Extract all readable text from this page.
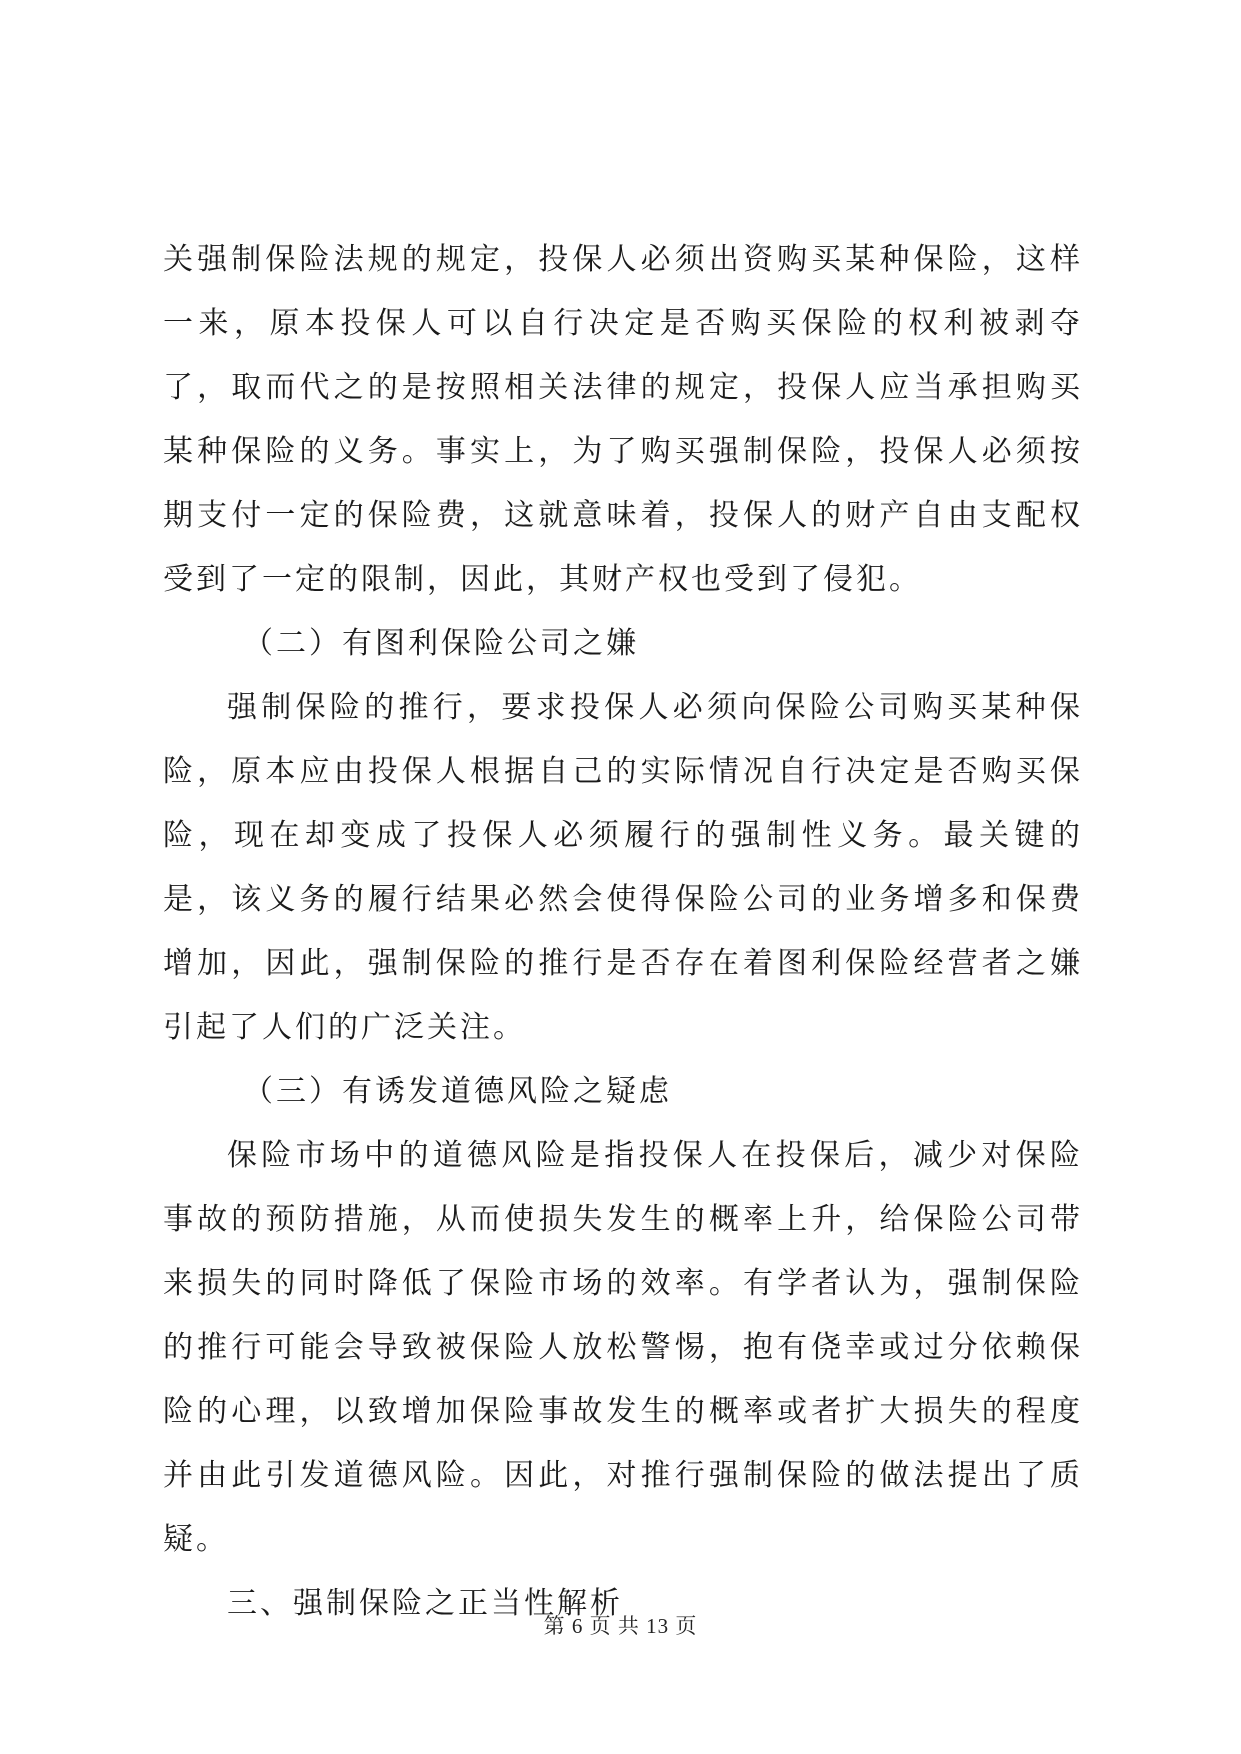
关强制保险法规的规定，投保人必须出资购买某种保险，这样一来，原本投保人可以自行决定是否购买保险的权利被剥夺了，取而代之的是按照相关法律的规定，投保人应当承担购买某种保险的义务。事实上，为了购买强制保险，投保人必须按期支付一定的保险费，这就意味着，投保人的财产自由支配权受到了一定的限制，因此，其财产权也受到了侵犯。

（二）有图利保险公司之嫌

强制保险的推行，要求投保人必须向保险公司购买某种保险，原本应由投保人根据自己的实际情况自行决定是否购买保险，现在却变成了投保人必须履行的强制性义务。最关键的是，该义务的履行结果必然会使得保险公司的业务增多和保费增加，因此，强制保险的推行是否存在着图利保险经营者之嫌引起了人们的广泛关注。

（三）有诱发道德风险之疑虑

保险市场中的道德风险是指投保人在投保后，减少对保险事故的预防措施，从而使损失发生的概率上升，给保险公司带来损失的同时降低了保险市场的效率。有学者认为，强制保险的推行可能会导致被保险人放松警惕，抱有侥幸或过分依赖保险的心理，以致增加保险事故发生的概率或者扩大损失的程度并由此引发道德风险。因此，对推行强制保险的做法提出了质疑。

三、强制保险之正当性解析

第 6 页 共 13 页
